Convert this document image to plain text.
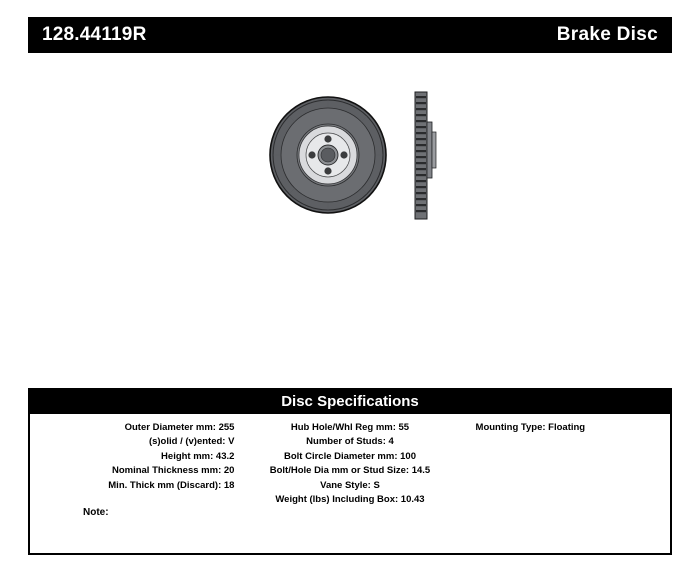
128.44119R	Brake Disc
Disc Specifications
Outer Diameter mm: 255
(s)olid / (v)ented: V
Height mm: 43.2
Nominal Thickness mm: 20
Min. Thick mm (Discard): 18
Hub Hole/Whl Reg mm: 55
Number of Studs: 4
Bolt Circle Diameter mm: 100
Bolt/Hole Dia mm or Stud Size: 14.5
Vane Style: S
Weight (lbs) Including Box: 10.43
Mounting Type: Floating
Note:
